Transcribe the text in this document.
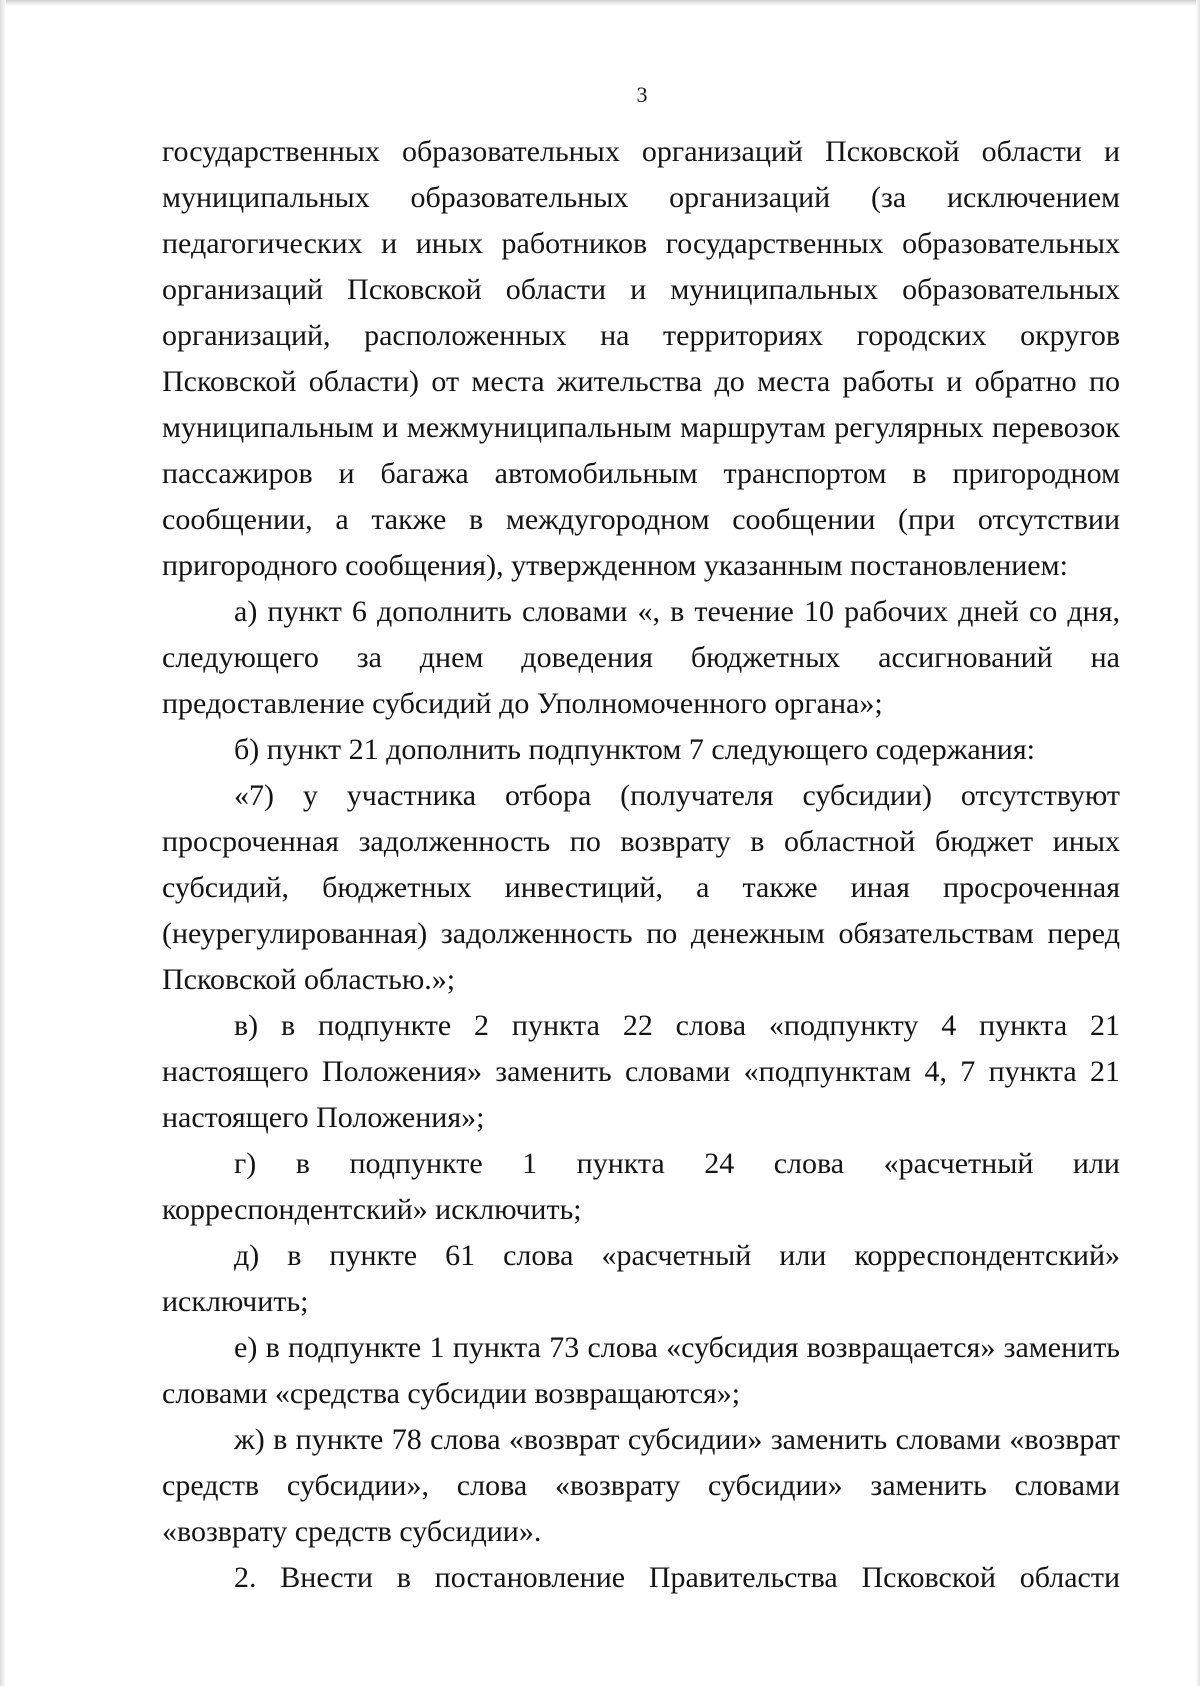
3

государственных образовательных организаций Псковской области и муниципальных образовательных организаций (за исключением педагогических и иных работников государственных образовательных организаций Псковской области и муниципальных образовательных организаций, расположенных на территориях городских округов Псковской области) от места жительства до места работы и обратно по муниципальным и межмуниципальным маршрутам регулярных перевозок пассажиров и багажа автомобильным транспортом в пригородном сообщении, а также в междугородном сообщении (при отсутствии пригородного сообщения), утвержденном указанным постановлением:

а) пункт 6 дополнить словами «, в течение 10 рабочих дней со дня, следующего за днем доведения бюджетных ассигнований на предоставление субсидий до Уполномоченного органа»;

б) пункт 21 дополнить подпунктом 7 следующего содержания:

«7) у участника отбора (получателя субсидии) отсутствуют просроченная задолженность по возврату в областной бюджет иных субсидий, бюджетных инвестиций, а также иная просроченная (неурегулированная) задолженность по денежным обязательствам перед Псковской областью.»;

в) в подпункте 2 пункта 22 слова «подпункту 4 пункта 21 настоящего Положения» заменить словами «подпунктам 4, 7 пункта 21 настоящего Положения»;

г) в подпункте 1 пункта 24 слова «расчетный или корреспондентский» исключить;

д) в пункте 61 слова «расчетный или корреспондентский» исключить;

е) в подпункте 1 пункта 73 слова «субсидия возвращается» заменить словами «средства субсидии возвращаются»;

ж) в пункте 78 слова «возврат субсидии» заменить словами «возврат средств субсидии», слова «возврату субсидии» заменить словами «возврату средств субсидии».

2. Внести в постановление Правительства Псковской области
